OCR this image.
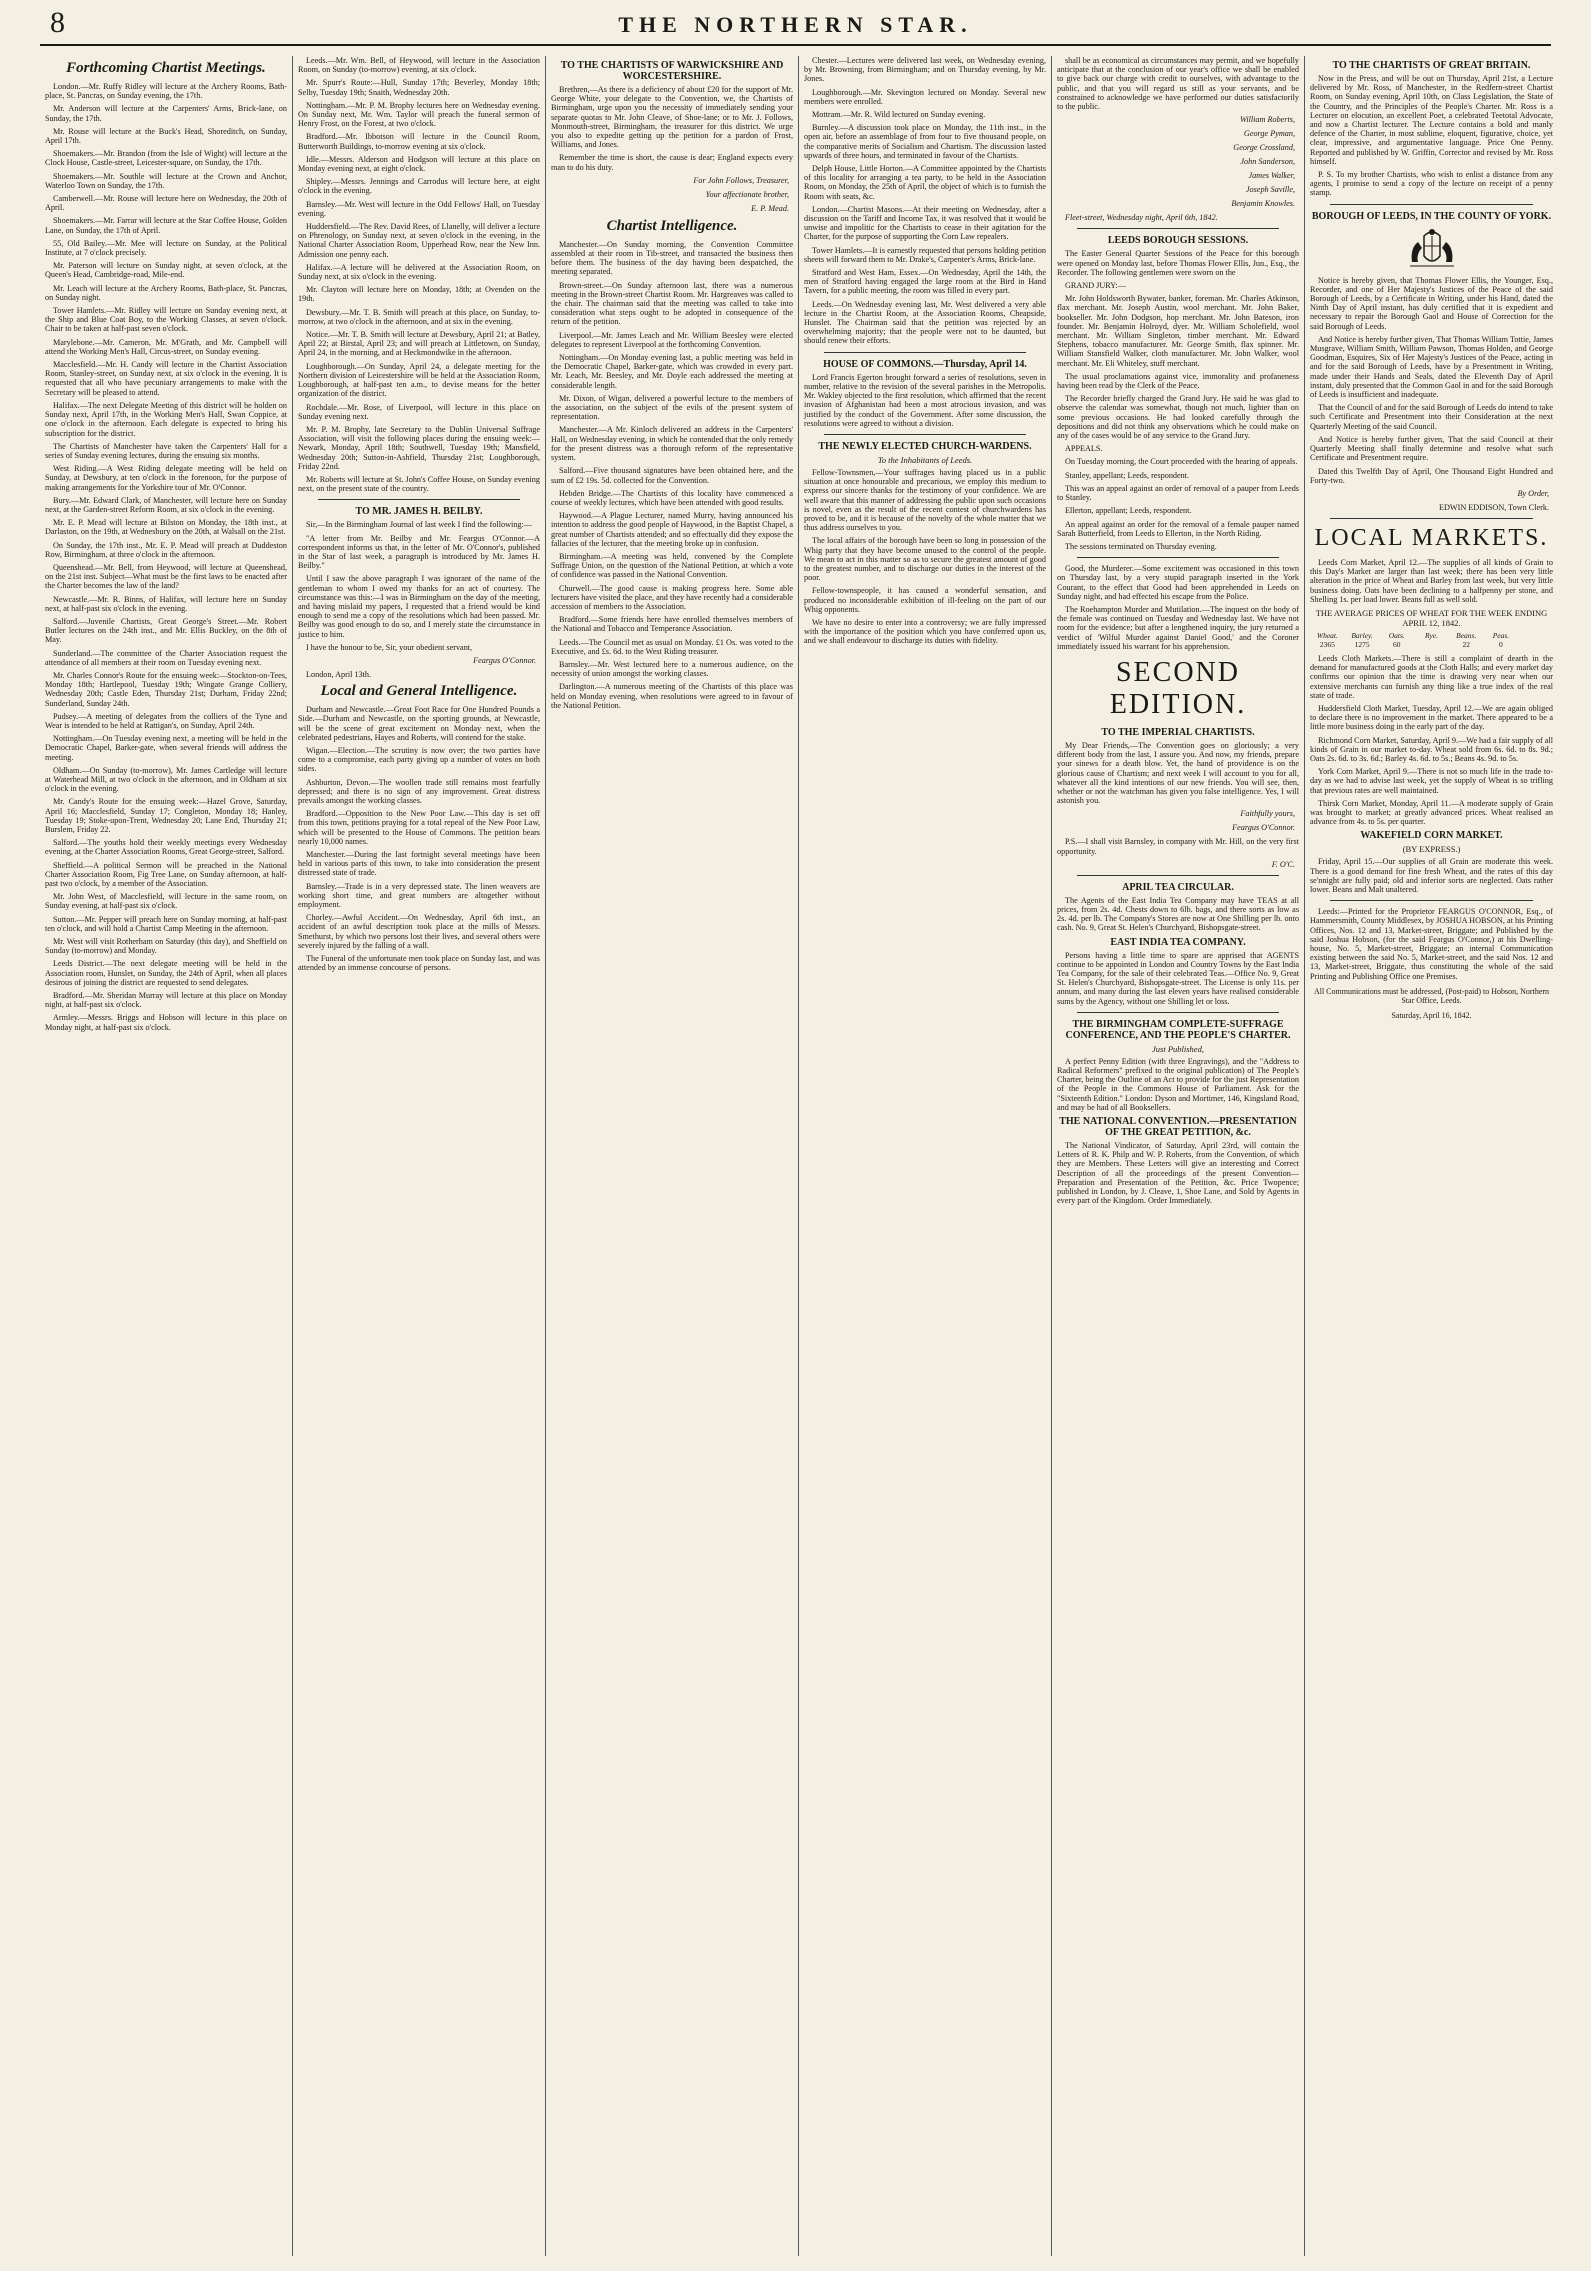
8	THE NORTHERN STAR.
Forthcoming Chartist Meetings.
London.—Mr. Ruffy Ridley will lecture at the Archery Rooms, Bath-place, St. Pancras, on Sunday evening, the 17th.
Mr. Anderson will lecture at the Carpenters' Arms, Brick-lane, on Sunday, the 17th.
Mr. Rouse will lecture at the Buck's Head, Shoreditch, on Sunday, April 17th.
Shoemakers.—Mr. Brandon (from the Isle of Wight) will lecture at the Clock House, Castle-street, Leicester-square, on Sunday, the 17th.
Shoemakers.—Mr. Southle will lecture at the Crown and Anchor, Waterloo Town on Sunday, the 17th.
Camberwell.—Mr. Rouse will lecture here on Wednesday, the 20th of April.
Shoemakers.—Mr. Farrar will lecture at the Star Coffee House, Golden Lane, on Sunday, the 17th of April.
55, Old Bailey.—Mr. Mee will lecture on Sunday, at the Political Institute, at 7 o'clock precisely.
Mr. Paterson will lecture on Sunday night, at seven o'clock, at the Queen's Head, Cambridge-road, Mile-end.
Mr. Leach will lecture at the Archery Rooms, Bath-place, St. Pancras, on Sunday night.
Tower Hamlets.—Mr. Ridley will lecture on Sunday evening next, at the Ship and Blue Coat Boy, to the Working Classes, at seven o'clock. Chair to be taken at half-past seven o'clock.
Marylebone.—Mr. Cameron, Mr. M'Grath, and Mr. Campbell will attend the Working Men's Hall, Circus-street, on Sunday evening.
Macclesfield.—Mr. H. Candy will lecture in the Chartist Association Room, Stanley-street, on Sunday next, at six o'clock in the evening. It is requested that all who have pecuniary arrangements to make with the Secretary will be pleased to attend.
Halifax.—The next Delegate Meeting of this district will be holden on Sunday next, April 17th, in the Working Men's Hall, Swan Coppice, at one o'clock in the afternoon. Each delegate is expected to bring his subscription for the district.
The Chartists of Manchester have taken the Carpenters' Hall for a series of Sunday evening lectures, during the ensuing six months.
West Riding.—A West Riding delegate meeting will be held on Sunday, at Dewsbury, at ten o'clock in the forenoon, for the purpose of making arrangements for the Yorkshire tour of Mr. O'Connor.
Bury.—Mr. Edward Clark, of Manchester, will lecture here on Sunday next, at the Garden-street Reform Room, at six o'clock in the evening.
Mr. E. P. Mead will lecture at Bilston on Monday, the 18th inst., at Darlaston, on the 19th, at Wednesbury on the 20th, at Walsall on the 21st.
On Sunday, the 17th inst., Mr. E. P. Mead will preach at Duddeston Row, Birmingham, at three o'clock in the afternoon.
Queenshead.—Mr. Bell, from Heywood, will lecture at Queenshead, on the 21st inst. Subject—What must be the first laws to be enacted after the Charter becomes the law of the land?
Newcastle.—Mr. R. Binns, of Halifax, will lecture here on Sunday next, at half-past six o'clock in the evening.
Salford.—Juvenile Chartists, Great George's Street.—Mr. Robert Butler lectures on the 24th inst., and Mr. Ellis Buckley, on the 8th of May.
Sunderland.—The committee of the Charter Association request the attendance of all members at their room on Tuesday evening next.
Mr. Charles Connor's Route for the ensuing week:—Stockton-on-Tees, Monday 18th; Hartlepool, Tuesday 19th; Wingate Grange Colliery, Wednesday 20th; Castle Eden, Thursday 21st; Durham, Friday 22nd; Sunderland, Sunday 24th.
Pudsey.—A meeting of delegates from the colliers of the Tyne and Wear is intended to be held at Rattigan's, on Sunday, April 24th.
Nottingham.—On Tuesday evening next, a meeting will be held in the Democratic Chapel, Barker-gate, when several friends will address the meeting.
Oldham.—On Sunday (to-morrow), Mr. James Cartledge will lecture at Waterhead Mill, at two o'clock in the afternoon, and in Oldham at six o'clock in the evening.
Mr. Candy's Route for the ensuing week:—Hazel Grove, Saturday, April 16; Macclesfield, Sunday 17; Congleton, Monday 18; Hanley, Tuesday 19; Stoke-upon-Trent, Wednesday 20; Lane End, Thursday 21; Burslem, Friday 22.
Salford.—The youths hold their weekly meetings every Wednesday evening, at the Charter Association Rooms, Great George-street, Salford.
Sheffield.—A political Sermon will be preached in the National Charter Association Room, Fig Tree Lane, on Sunday afternoon, at half-past two o'clock, by a member of the Association.
Mr. John West, of Macclesfield, will lecture in the same room, on Sunday evening, at half-past six o'clock.
Sutton.—Mr. Pepper will preach here on Sunday morning, at half-past ten o'clock, and will hold a Chartist Camp Meeting in the afternoon.
Mr. West will visit Rotherham on Saturday (this day), and Sheffield on Sunday (to-morrow) and Monday.
Leeds District.—The next delegate meeting will be held in the Association room, Hunslet, on Sunday, the 24th of April, when all places desirous of joining the district are requested to send delegates.
Bradford.—Mr. Sheridan Murray will lecture at this place on Monday night, at half-past six o'clock.
Armley.—Messrs. Briggs and Hobson will lecture in this place on Monday night, at half-past six o'clock.
Leeds.—Mr. Wm. Bell, of Heywood, will lecture in the Association Room, on Sunday (to-morrow) evening, at six o'clock.
Mr. Spurr's Route:—Hull, Sunday 17th; Beverley, Monday 18th; Selby, Tuesday 19th; Snaith, Wednesday 20th.
Nottingham.—Mr. P. M. Brophy lectures here on Wednesday evening. On Sunday next, Mr. Wm. Taylor will preach the funeral sermon of Henry Frost, on the Forest, at two o'clock.
Bradford.—Mr. Ibbotson will lecture in the Council Room, Butterworth Buildings, to-morrow evening at six o'clock.
Idle.—Messrs. Alderson and Hodgson will lecture at this place on Monday evening next, at eight o'clock.
Shipley.—Messrs. Jennings and Carrodus will lecture here, at eight o'clock in the evening.
Barnsley.—Mr. West will lecture in the Odd Fellows' Hall, on Tuesday evening.
Huddersfield.—The Rev. David Rees, of Llanelly, will deliver a lecture on Phrenology, on Sunday next, at seven o'clock in the evening, in the National Charter Association Room, Upperhead Row, near the New Inn. Admission one penny each.
Halifax.—A lecture will be delivered at the Association Room, on Sunday next, at six o'clock in the evening.
Mr. Clayton will lecture here on Monday, 18th; at Ovenden on the 19th.
Dewsbury.—Mr. T. B. Smith will preach at this place, on Sunday, to-morrow, at two o'clock in the afternoon, and at six in the evening.
Notice.—Mr. T. B. Smith will lecture at Dewsbury, April 21; at Batley, April 22; at Birstal, April 23; and will preach at Littletown, on Sunday, April 24, in the morning, and at Heckmondwike in the afternoon.
Loughborough.—On Sunday, April 24, a delegate meeting for the Northern division of Leicestershire will be held at the Association Room, Loughborough, at half-past ten a.m., to devise means for the better organization of the district.
Rochdale.—Mr. Rose, of Liverpool, will lecture in this place on Sunday evening next.
Mr. P. M. Brophy, late Secretary to the Dublin Universal Suffrage Association, will visit the following places during the ensuing week:—Newark, Monday, April 18th; Southwell, Tuesday 19th; Mansfield, Wednesday 20th; Sutton-in-Ashfield, Thursday 21st; Loughborough, Friday 22nd.
Mr. Roberts will lecture at St. John's Coffee House, on Sunday evening next, on the present state of the country.
TO MR. JAMES H. BEILBY.
Sir,—In the Birmingham Journal of last week I find the following:—
"A letter from Mr. Beilby and Mr. Feargus O'Connor.—A correspondent informs us that, in the letter of Mr. O'Connor's, published in the Star of last week, a paragraph is introduced by Mr. James H. Beilby."
Until I saw the above paragraph I was ignorant of the name of the gentleman to whom I owed my thanks for an act of courtesy. The circumstance was this:—I was in Birmingham on the day of the meeting, and having mislaid my papers, I requested that a friend would be kind enough to send me a copy of the resolutions which had been passed. Mr. Beilby was good enough to do so, and I merely state the circumstance in justice to him.
I have the honour to be, Sir, your obedient servant,
Feargus O'Connor.
London, April 13th.
Local and General Intelligence.
Durham and Newcastle.—Great Foot Race for One Hundred Pounds a Side.—Durham and Newcastle, on the sporting grounds, at Newcastle, will be the scene of great excitement on Monday next, when the celebrated pedestrians, Hayes and Roberts, will contend for the stake.
Wigan.—Election.—The scrutiny is now over; the two parties have come to a compromise, each party giving up a number of votes on both sides.
Ashburton, Devon.—The woollen trade still remains most fearfully depressed; and there is no sign of any improvement. Great distress prevails amongst the working classes.
Bradford.—Opposition to the New Poor Law.—This day is set off from this town, petitions praying for a total repeal of the New Poor Law, which will be presented to the House of Commons. The petition bears nearly 10,000 names.
Manchester.—During the last fortnight several meetings have been held in various parts of this town, to take into consideration the present distressed state of trade.
Barnsley.—Trade is in a very depressed state. The linen weavers are working short time, and great numbers are altogether without employment.
Chorley.—Awful Accident.—On Wednesday, April 6th inst., an accident of an awful description took place at the mills of Messrs. Smethurst, by which two persons lost their lives, and several others were severely injured by the falling of a wall.
The Funeral of the unfortunate men took place on Sunday last, and was attended by an immense concourse of persons.
TO THE CHARTISTS OF WARWICKSHIRE AND WORCESTERSHIRE.
Brethren,—As there is a deficiency of about £20 for the support of Mr. George White, your delegate to the Convention, we, the Chartists of Birmingham, urge upon you the necessity of immediately sending your separate quotas to Mr. John Cleave, of Shoe-lane; or to Mr. J. Follows, Monmouth-street, Birmingham, the treasurer for this district. We urge you also to expedite getting up the petition for a pardon of Frost, Williams, and Jones.
Remember the time is short, the cause is dear; England expects every man to do his duty.
For John Follows, Treasurer,
Your affectionate brother,
E. P. Mead.
Chartist Intelligence.
Manchester.—On Sunday morning, the Convention Committee assembled at their room in Tib-street, and transacted the business then before them. The business of the day having been despatched, the meeting separated.
Brown-street.—On Sunday afternoon last, there was a numerous meeting in the Brown-street Chartist Room. Mr. Hargreaves was called to the chair. The chairman said that the meeting was called to take into consideration what steps ought to be adopted in consequence of the return of the petition.
Liverpool.—Mr. James Leach and Mr. William Beesley were elected delegates to represent Liverpool at the forthcoming Convention.
Nottingham.—On Monday evening last, a public meeting was held in the Democratic Chapel, Barker-gate, which was crowded in every part. Mr. Leach, Mr. Beesley, and Mr. Doyle each addressed the meeting at considerable length.
Mr. Dixon, of Wigan, delivered a powerful lecture to the members of the association, on the subject of the evils of the present system of representation.
Manchester.—A Mr. Kinloch delivered an address in the Carpenters' Hall, on Wednesday evening, in which he contended that the only remedy for the present distress was a thorough reform of the representative system.
Salford.—Five thousand signatures have been obtained here, and the sum of £2 19s. 5d. collected for the Convention.
Hebden Bridge.—The Chartists of this locality have commenced a course of weekly lectures, which have been attended with good results.
Haywood.—A Plague Lecturer, named Murry, having announced his intention to address the good people of Haywood, in the Baptist Chapel, a great number of Chartists attended; and so effectually did they expose the fallacies of the lecturer, that the meeting broke up in confusion.
Birmingham.—A meeting was held, convened by the Complete Suffrage Union, on the question of the National Petition, at which a vote of confidence was passed in the National Convention.
Churwell.—The good cause is making progress here. Some able lecturers have visited the place, and they have recently had a considerable accession of members to the Association.
Bradford.—Some friends here have enrolled themselves members of the National and Tobacco and Temperance Association.
Leeds.—The Council met as usual on Monday. £1 Os. was voted to the Executive, and £s. 6d. to the West Riding treasurer.
Barnsley.—Mr. West lectured here to a numerous audience, on the necessity of union amongst the working classes.
Darlington.—A numerous meeting of the Chartists of this place was held on Monday evening, when resolutions were agreed to in favour of the National Petition.
Chester.—Lectures were delivered last week, on Wednesday evening, by Mr. Browning, from Birmingham; and on Thursday evening, by Mr. Jones.
Loughborough.—Mr. Skevington lectured on Monday. Several new members were enrolled.
Mottram.—Mr. R. Wild lectured on Sunday evening.
Burnley.—A discussion took place on Monday, the 11th inst., in the open air, before an assemblage of from four to five thousand people, on the comparative merits of Socialism and Chartism. The discussion lasted upwards of three hours, and terminated in favour of the Chartists.
Delph House, Little Horton.—A Committee appointed by the Chartists of this locality for arranging a tea party, to be held in the Association Room, on Monday, the 25th of April, the object of which is to furnish the Room with seats, &c.
London.—Chartist Masons.—At their meeting on Wednesday, after a discussion on the Tariff and Income Tax, it was resolved that it would be unwise and impolitic for the Chartists to cease in their agitation for the Charter, for the purpose of supporting the Corn Law repealers.
Tower Hamlets.—It is earnestly requested that persons holding petition sheets will forward them to Mr. Drake's, Carpenter's Arms, Brick-lane.
Stratford and West Ham, Essex.—On Wednesday, April the 14th, the men of Stratford having engaged the large room at the Bird in Hand Tavern, for a public meeting, the room was filled in every part.
Leeds.—On Wednesday evening last, Mr. West delivered a very able lecture in the Chartist Room, at the Association Rooms, Cheapside, Hunslet. The Chairman said that the petition was rejected by an overwhelming majority; that the people were not to be daunted, but should renew their efforts.
HOUSE OF COMMONS.—Thursday, April 14.
Lord Francis Egerton brought forward a series of resolutions, seven in number, relative to the revision of the several parishes in the Metropolis. Mr. Wakley objected to the first resolution, which affirmed that the recent invasion of Afghanistan had been a most atrocious invasion, and was justified by the conduct of the Government. After some discussion, the resolutions were agreed to without a division.
THE NEWLY ELECTED CHURCH-WARDENS.
To the Inhabitants of Leeds.
Fellow-Townsmen,—Your suffrages having placed us in a public situation at once honourable and precarious, we employ this medium to express our sincere thanks for the testimony of your confidence. We are well aware that this manner of addressing the public upon such occasions is novel, even as the result of the recent contest of churchwardens has proved to be, and it is because of the novelty of the whole matter that we thus address ourselves to you.
The local affairs of the borough have been so long in possession of the Whig party that they have become unused to the control of the people. We mean to act in this matter so as to secure the greatest amount of good to the greatest number, and to discharge our duties in the interest of the poor.
Fellow-townspeople, it has caused a wonderful sensation, and produced no inconsiderable exhibition of ill-feeling on the part of our Whig opponents.
We have no desire to enter into a controversy; we are fully impressed with the importance of the position which you have conferred upon us, and we shall endeavour to discharge its duties with fidelity.
shall be as economical as circumstances may permit, and we hopefully anticipate that at the conclusion of our year's office we shall be enabled to give back our charge with credit to ourselves, with advantage to the public, and that you will regard us still as your servants, and be constrained to acknowledge we have performed our duties satisfactorily to the public.
William Roberts,
George Pyman,
George Crossland,
John Sanderson,
James Walker,
Joseph Saville,
Benjamin Knowles.
Fleet-street, Wednesday night, April 6th, 1842.
LEEDS BOROUGH SESSIONS.
The Easter General Quarter Sessions of the Peace for this borough were opened on Monday last, before Thomas Flower Ellis, Jun., Esq., the Recorder. The following gentlemen were sworn on the
GRAND JURY:—
Mr. John Holdsworth Bywater, banker, foreman. Mr. Charles Atkinson, flax merchant. Mr. Joseph Austin, wool merchant. Mr. John Baker, bookseller. Mr. John Dodgson, hop merchant. Mr. John Bateson, iron founder. Mr. Benjamin Holroyd, dyer. Mr. William Scholefield, wool merchant. Mr. William Singleton, timber merchant. Mr. Edward Stephens, tobacco manufacturer. Mr. George Smith, flax spinner. Mr. William Stansfield Walker, cloth manufacturer. Mr. John Walker, wool merchant. Mr. Eli Whiteley, stuff merchant.
The usual proclamations against vice, immorality and profaneness having been read by the Clerk of the Peace.
The Recorder briefly charged the Grand Jury. He said he was glad to observe the calendar was somewhat, though not much, lighter than on some previous occasions. He had looked carefully through the depositions and did not think any observations which he could make on any of the cases would be of any service to the Grand Jury.
APPEALS.
On Tuesday morning, the Court proceeded with the hearing of appeals.
Stanley, appellant; Leeds, respondent.
This was an appeal against an order of removal of a pauper from Leeds to Stanley.
Ellerton, appellant; Leeds, respondent.
An appeal against an order for the removal of a female pauper named Sarah Butterfield, from Leeds to Ellerton, in the North Riding.
The sessions terminated on Thursday evening.
Good, the Murderer.—Some excitement was occasioned in this town on Thursday last, by a very stupid paragraph inserted in the York Courant, to the effect that Good had been apprehended in Leeds on Sunday night, and had effected his escape from the Police.
The Roehampton Murder and Mutilation.—The inquest on the body of the female was continued on Tuesday and Wednesday last. We have not room for the evidence; but after a lengthened inquiry, the jury returned a verdict of 'Wilful Murder against Daniel Good,' and the Coroner immediately issued his warrant for his apprehension.
SECOND EDITION.
TO THE IMPERIAL CHARTISTS.
My Dear Friends,—The Convention goes on gloriously; a very different body from the last, I assure you. And now, my friends, prepare your sinews for a death blow. Yet, the hand of providence is on the glorious cause of Chartism; and next week I will account to you for all, whatever all the kind intentions of our new friends. You will see, then, whether or not the watchman has given you false intelligence. Yes, I will astonish you.
Faithfully yours,
Feargus O'Connor.
P.S.—I shall visit Barnsley, in company with Mr. Hill, on the very first opportunity.
F. O'C.
APRIL TEA CIRCULAR.
The Agents of the East India Tea Company may have TEAS at all prices, from 2s. 4d. Chests down to 6lb. bags, and there sorts as low as 2s. 4d. per lb. The Company's Stores are now at One Shilling per lb. onto cash. No. 9, Great St. Helen's Churchyard, Bishopsgate-street.
EAST INDIA TEA COMPANY.
Persons having a little time to spare are apprised that AGENTS continue to be appointed in London and Country Towns by the East India Tea Company, for the sale of their celebrated Teas.—Office No. 9, Great St. Helen's Churchyard, Bishopsgate-street. The License is only 11s. per annum, and many during the last eleven years have realised considerable sums by the Agency, without one Shilling let or loss.
THE BIRMINGHAM COMPLETE-SUFFRAGE CONFERENCE, AND THE PEOPLE'S CHARTER.
Just Published,
A perfect Penny Edition (with three Engravings), and the "Address to Radical Reformers" prefixed to the original publication) of The People's Charter, being the Outline of an Act to provide for the just Representation of the People in the Commons House of Parliament. Ask for the "Sixteenth Edition." London: Dyson and Mortimer, 146, Kingsland Road, and may be had of all Booksellers.
THE NATIONAL CONVENTION.—PRESENTATION OF THE GREAT PETITION, &c.
The National Vindicator, of Saturday, April 23rd, will contain the Letters of R. K. Philp and W. P. Roberts, from the Convention, of which they are Members. These Letters will give an interesting and Correct Description of all the proceedings of the present Convention—Preparation and Presentation of the Petition, &c. Price Twopence; published in London, by J. Cleave, 1, Shoe Lane, and Sold by Agents in every part of the Kingdom. Order Immediately.
TO THE CHARTISTS OF GREAT BRITAIN.
Now in the Press, and will be out on Thursday, April 21st, a Lecture delivered by Mr. Ross, of Manchester, in the Redfern-street Chartist Room, on Sunday evening, April 10th, on Class Legislation, the State of the Country, and the Principles of the People's Charter. Mr. Ross is a Lecturer on elocution, an excellent Poet, a celebrated Teetotal Advocate, and now a Chartist lecturer. The Lecture contains a bold and manly defence of the Charter, in most sublime, eloquent, figurative, choice, yet clear, impressive, and argumentative language. Price One Penny. Reported and published by W. Griffin, Corrector and revised by Mr. Ross himself.
P. S. To my brother Chartists, who wish to enlist a distance from any agents, I promise to send a copy of the lecture on receipt of a penny stamp.
BOROUGH OF LEEDS, IN THE COUNTY OF YORK.
Notice is hereby given, that Thomas Flower Ellis, the Younger, Esq., Recorder, and one of Her Majesty's Justices of the Peace of the said Borough of Leeds, by a Certificate in Writing, under his Hand, dated the Ninth Day of April instant, has duly certified that it is expedient and necessary to repair the Borough Gaol and House of Correction for the said Borough of Leeds.
And Notice is hereby further given, That Thomas William Tottie, James Musgrave, William Smith, William Pawson, Thomas Holden, and George Goodman, Esquires, Six of Her Majesty's Justices of the Peace, acting in and for the said Borough of Leeds, have by a Presentment in Writing, made under their Hands and Seals, dated the Eleventh Day of April instant, duly presented that the Common Gaol in and for the said Borough of Leeds is insufficient and inadequate.
That the Council of and for the said Borough of Leeds do intend to take such Certificate and Presentment into their Consideration at the next Quarterly Meeting of the said Council.
And Notice is hereby further given, That the said Council at their Quarterly Meeting shall finally determine and resolve what such Certificate and Presentment require.
Dated this Twelfth Day of April, One Thousand Eight Hundred and Forty-two.
By Order,
EDWIN EDDISON, Town Clerk.
LOCAL MARKETS.
Leeds Corn Market, April 12.—The supplies of all kinds of Grain to this Day's Market are larger than last week; there has been very little alteration in the price of Wheat and Barley from last week, but very little business doing. Oats have been declining to a halfpenny per stone, and Shelling 1s. per load lower. Beans full as well sold.
THE AVERAGE PRICES OF WHEAT FOR THE WEEK ENDING APRIL 12, 1842.
Wheat.	Barley.	Oats.	Rye.	Beans.	Peas.
2365	1275	60	22	0
Leeds Cloth Markets.—There is still a complaint of dearth in the demand for manufactured goods at the Cloth Halls; and every market day confirms our opinion that the time is drawing very near when our extensive merchants can furnish any thing like a true index of the real state of trade.
Huddersfield Cloth Market, Tuesday, April 12.—We are again obliged to declare there is no improvement in the market. There appeared to be a little more business doing in the early part of the day.
Richmond Corn Market, Saturday, April 9.—We had a fair supply of all kinds of Grain in our market to-day. Wheat sold from 6s. 6d. to 8s. 9d.; Oats 2s. 6d. to 3s. 6d.; Barley 4s. 6d. to 5s.; Beans 4s. 9d. to 5s.
York Corn Market, April 9.—There is not so much life in the trade to-day as we had to advise last week, yet the supply of Wheat is so trifling that previous rates are well maintained.
Thirsk Corn Market, Monday, April 11.—A moderate supply of Grain was brought to market; at greatly advanced prices. Wheat realised an advance from 4s. to 5s. per quarter.
WAKEFIELD CORN MARKET.
(BY EXPRESS.)
Friday, April 15.—Our supplies of all Grain are moderate this week. There is a good demand for fine fresh Wheat, and the rates of this day se'nnight are fully paid; old and inferior sorts are neglected. Oats rather lower. Beans and Malt unaltered.
Leeds:—Printed for the Proprietor FEARGUS O'CONNOR, Esq., of Hammersmith, County Middlesex, by JOSHUA HOBSON, at his Printing Offices, Nos. 12 and 13, Market-street, Briggate; and Published by the said Joshua Hobson, (for the said Feargus O'Connor,) at his Dwelling-house, No. 5, Market-street, Briggate; an internal Communication existing between the said No. 5, Market-street, and the said Nos. 12 and 13, Market-street, Briggate, thus constituting the whole of the said Printing and Publishing Office one Premises.
All Communications must be addressed, (Post-paid) to Hobson, Northern Star Office, Leeds.
Saturday, April 16, 1842.
